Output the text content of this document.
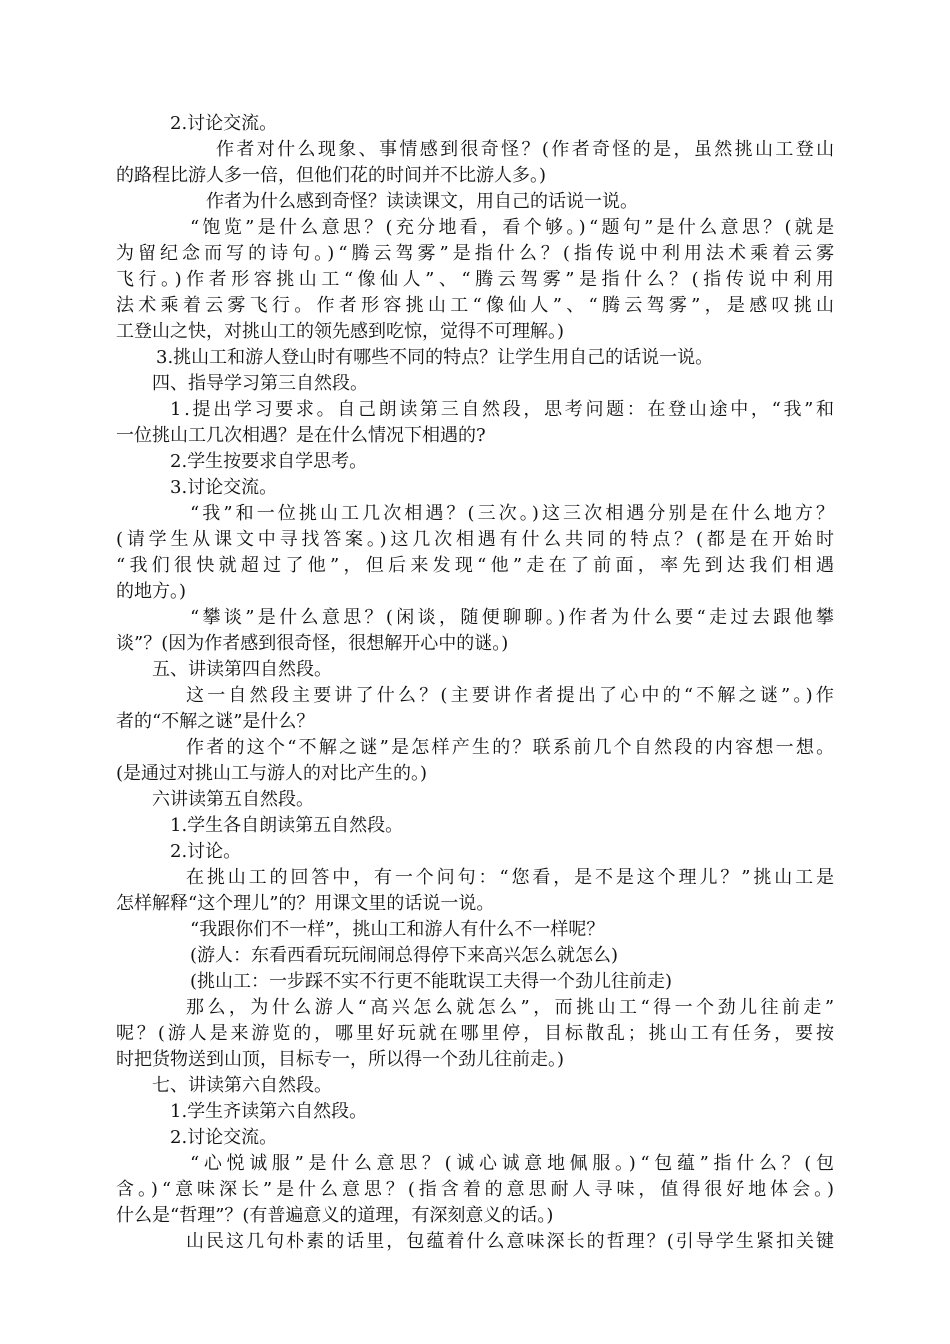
2.讨论交流。

作者对什么现象、事情感到很奇怪？(作者奇怪的是，虽然挑山工登山

的路程比游人多一倍，但他们花的时间并不比游人多。)

作者为什么感到奇怪？读读课文，用自己的话说一说。

“饱览”是什么意思？(充分地看，看个够。)“题句”是什么意思？(就是

为留纪念而写的诗句。)“腾云驾雾”是指什么？(指传说中利用法术乘着云雾

飞行。)作者形容挑山工“像仙人”、“腾云驾雾”是指什么？(指传说中利用

法术乘着云雾飞行。作者形容挑山工“像仙人”、“腾云驾雾”，是感叹挑山

工登山之快，对挑山工的领先感到吃惊，觉得不可理解。)

3.挑山工和游人登山时有哪些不同的特点？让学生用自己的话说一说。

四、指导学习第三自然段。

1.提出学习要求。自己朗读第三自然段，思考问题：在登山途中，“我”和

一位挑山工几次相遇？是在什么情况下相遇的?

2.学生按要求自学思考。

3.讨论交流。

“我”和一位挑山工几次相遇？(三次。)这三次相遇分别是在什么地方？

(请学生从课文中寻找答案。)这几次相遇有什么共同的特点？(都是在开始时

“我们很快就超过了他”，但后来发现“他”走在了前面，率先到达我们相遇

的地方。)

“攀谈”是什么意思？(闲谈，随便聊聊。)作者为什么要“走过去跟他攀

谈”？(因为作者感到很奇怪，很想解开心中的谜。)

五、讲读第四自然段。

这一自然段主要讲了什么？(主要讲作者提出了心中的“不解之谜”。)作

者的“不解之谜”是什么？

作者的这个“不解之谜”是怎样产生的？联系前几个自然段的内容想一想。

(是通过对挑山工与游人的对比产生的。)

六讲读第五自然段。

1.学生各自朗读第五自然段。

2.讨论。

在挑山工的回答中，有一个问句：“您看，是不是这个理儿？”挑山工是

怎样解释“这个理儿”的？用课文里的话说一说。

“我跟你们不一样”，挑山工和游人有什么不一样呢？

(游人：东看西看玩玩闹闹总得停下来高兴怎么就怎么)

(挑山工：一步踩不实不行更不能耽误工夫得一个劲儿往前走)

那么，为什么游人“高兴怎么就怎么”，而挑山工“得一个劲儿往前走”

呢？(游人是来游览的，哪里好玩就在哪里停，目标散乱；挑山工有任务，要按

时把货物送到山顶，目标专一，所以得一个劲儿往前走。)

七、讲读第六自然段。

1.学生齐读第六自然段。

2.讨论交流。

“心悦诚服”是什么意思？(诚心诚意地佩服。)“包蕴”指什么？(包

含。)“意味深长”是什么意思？(指含着的意思耐人寻味，值得很好地体会。)

什么是“哲理”？(有普遍意义的道理，有深刻意义的话。)

山民这几句朴素的话里，包蕴着什么意味深长的哲理？(引导学生紧扣关键
